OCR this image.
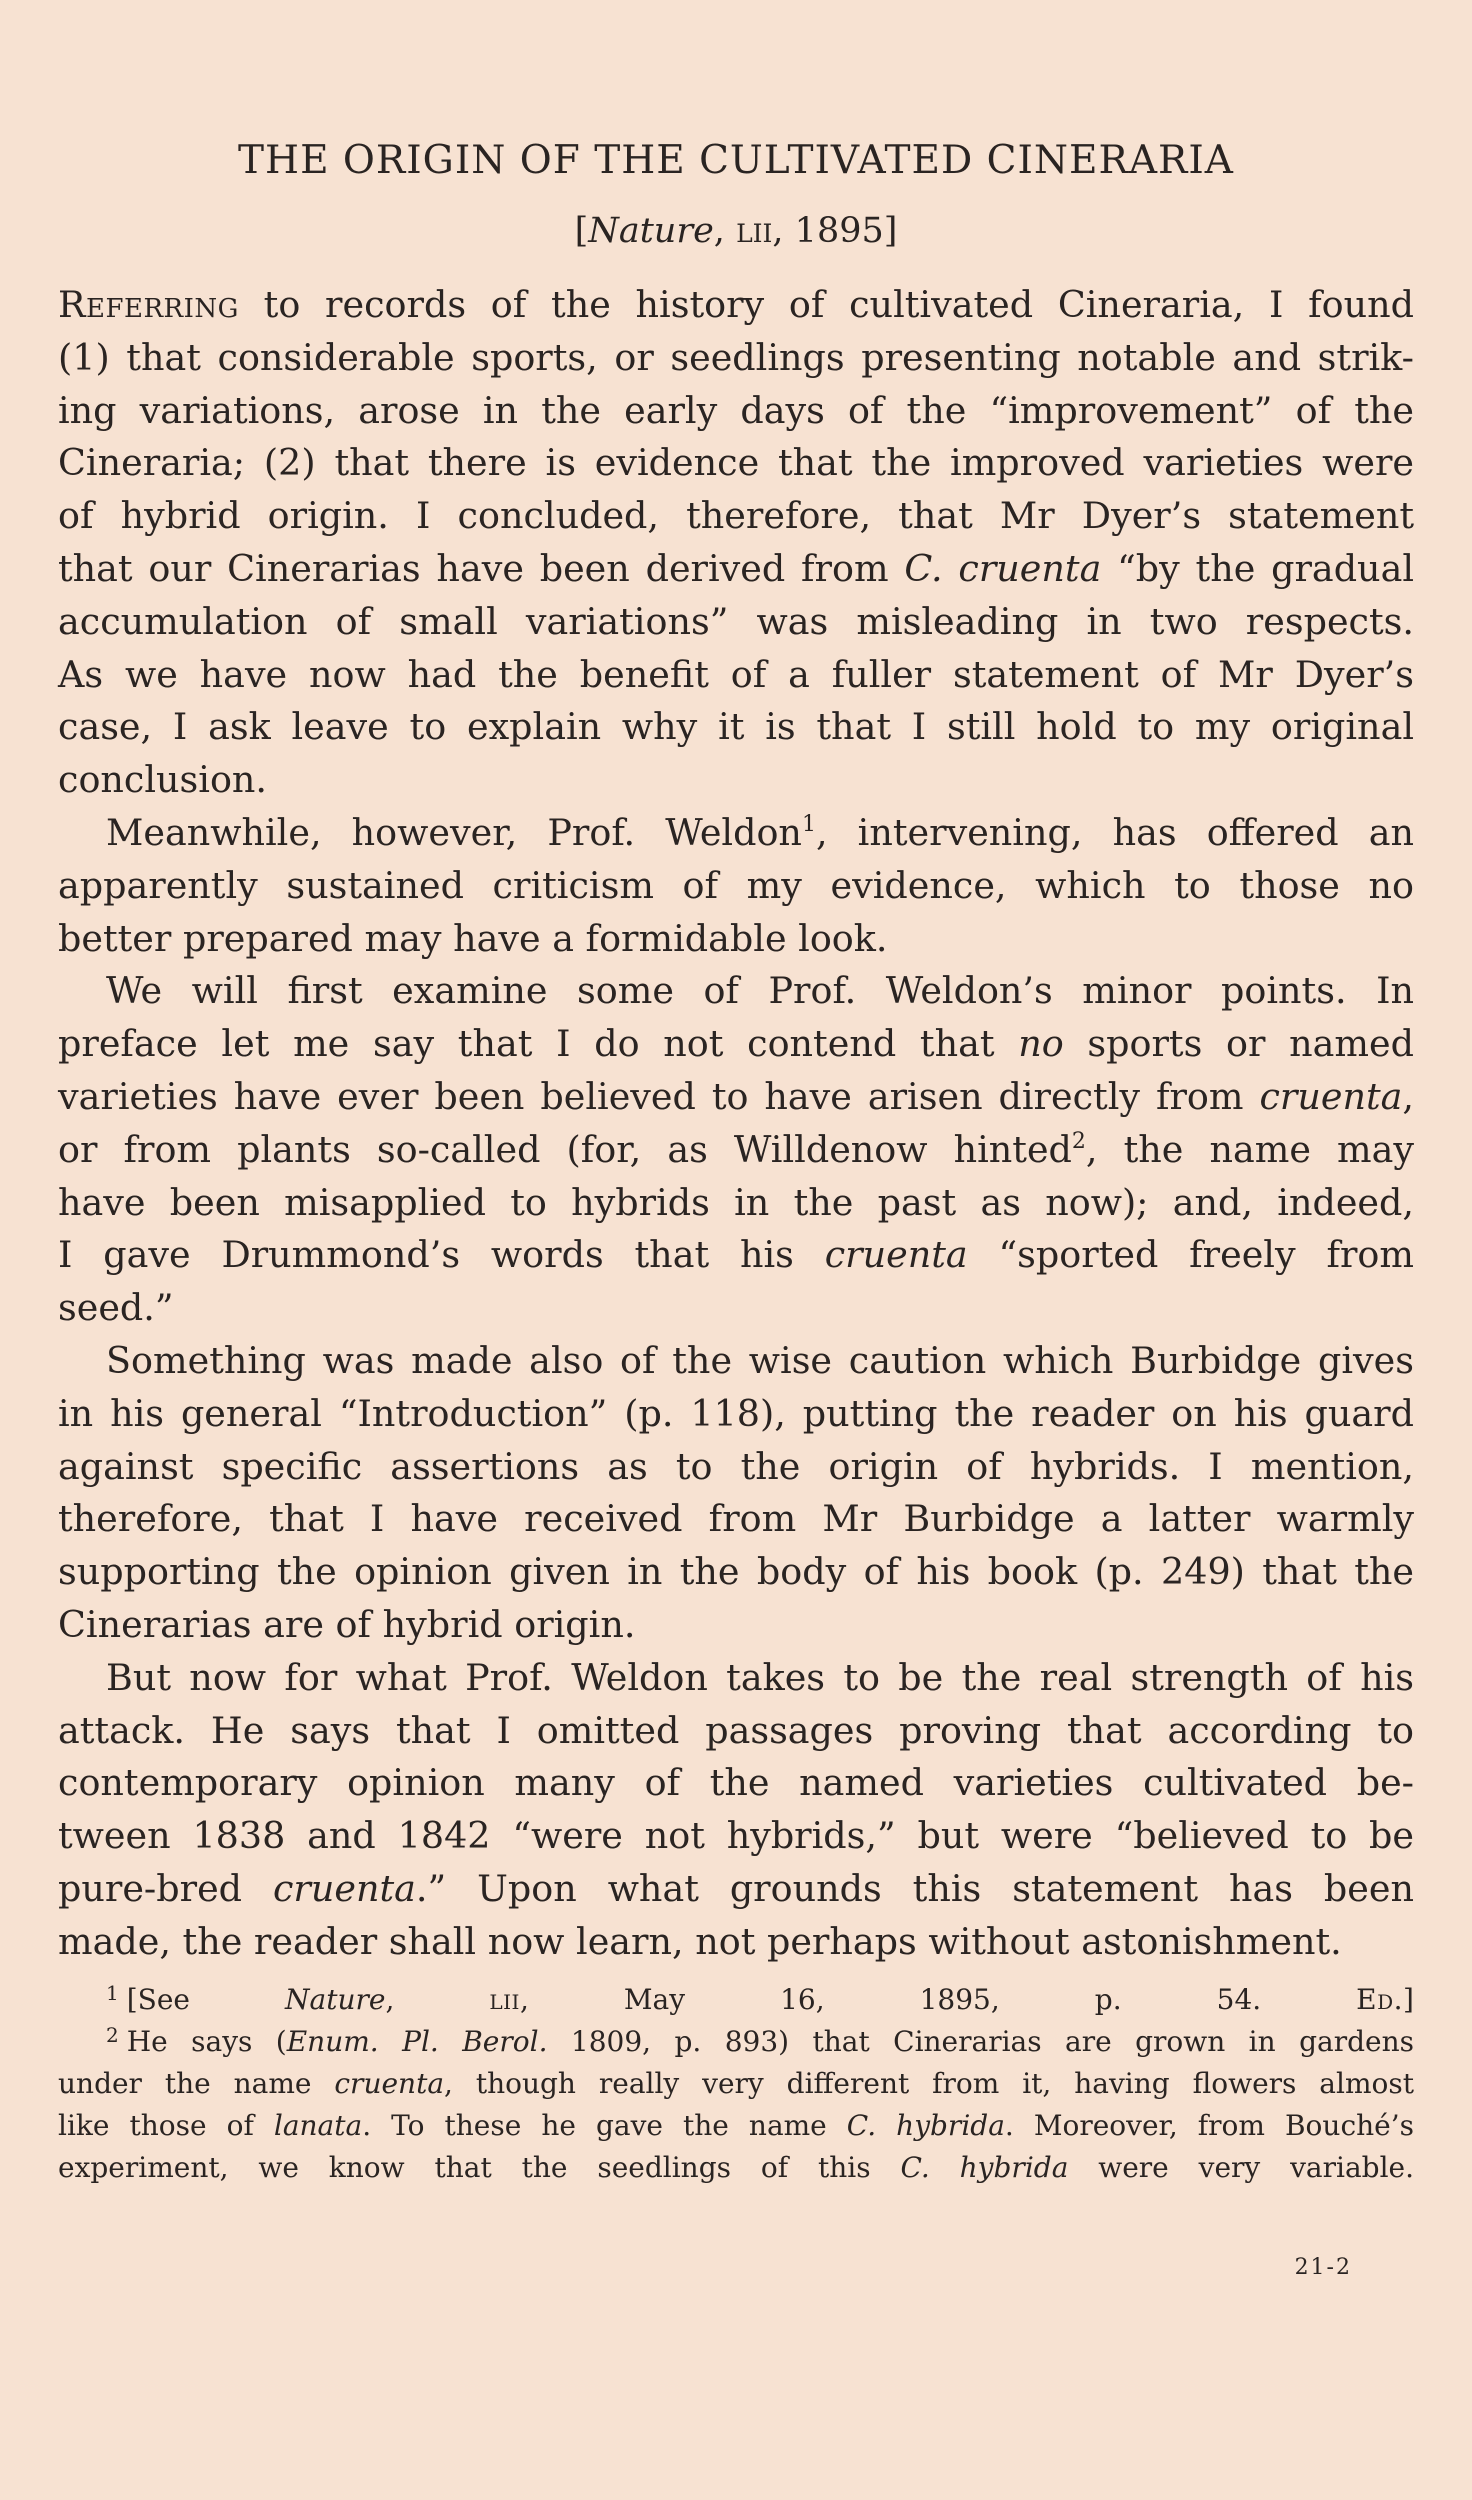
THE ORIGIN OF THE CULTIVATED CINERARIA
[Nature, lii, 1895]
Referring to records of the history of cultivated Cineraria, I found
(1) that considerable sports, or seedlings presenting notable and strik-
ing variations, arose in the early days of the “improvement” of the
Cineraria; (2) that there is evidence that the improved varieties were
of hybrid origin. I concluded, therefore, that Mr Dyer’s statement
that our Cinerarias have been derived from C. cruenta “by the gradual
accumulation of small variations” was misleading in two respects.
As we have now had the benefit of a fuller statement of Mr Dyer’s
case, I ask leave to explain why it is that I still hold to my original
conclusion.
Meanwhile, however, Prof. Weldon$^1$, intervening, has offered an
apparently sustained criticism of my evidence, which to those no
better prepared may have a formidable look.
We will first examine some of Prof. Weldon’s minor points. In
preface let me say that I do not contend that no sports or named
varieties have ever been believed to have arisen directly from cruenta,
or from plants so-called (for, as Willdenow hinted$^2$, the name may
have been misapplied to hybrids in the past as now); and, indeed,
I gave Drummond’s words that his cruenta “sported freely from
seed.”
Something was made also of the wise caution which Burbidge gives
in his general “Introduction” (p. 118), putting the reader on his guard
against specific assertions as to the origin of hybrids. I mention,
therefore, that I have received from Mr Burbidge a latter warmly
supporting the opinion given in the body of his book (p. 249) that the
Cinerarias are of hybrid origin.
But now for what Prof. Weldon takes to be the real strength of his
attack. He says that I omitted passages proving that according to
contemporary opinion many of the named varieties cultivated be-
tween 1838 and 1842 “were not hybrids,” but were “believed to be
pure-bred cruenta.” Upon what grounds this statement has been
made, the reader shall now learn, not perhaps without astonishment.
$^1$ [See Nature, lii, May 16, 1895, p. 54. Ed.]
$^2$ He says (Enum. Pl. Berol. 1809, p. 893) that Cinerarias are grown in gardens
under the name cruenta, though really very different from it, having flowers almost
like those of lanata. To these he gave the name C. hybrida. Moreover, from Bouché’s
experiment, we know that the seedlings of this C. hybrida were very variable.
21-2
